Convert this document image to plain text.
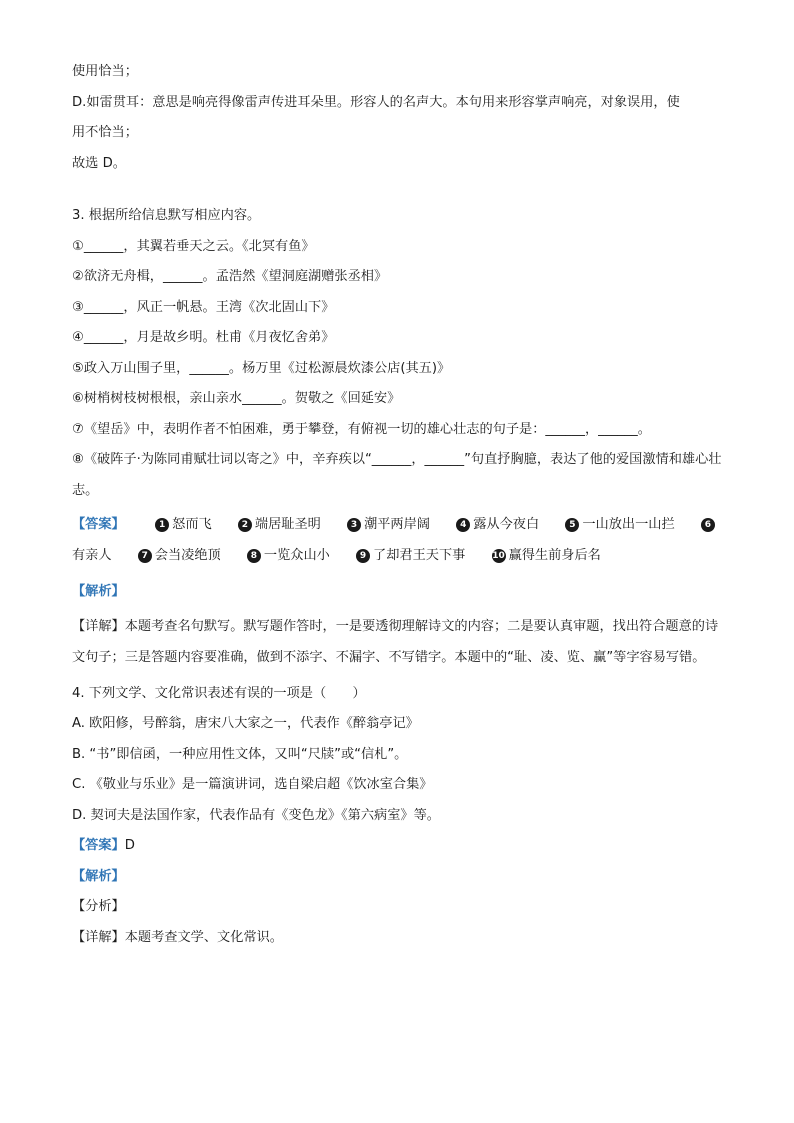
使用恰当；
D.如雷贯耳：意思是响亮得像雷声传进耳朵里。形容人的名声大。本句用来形容掌声响亮，对象误用，使
用不恰当；
故选 D。
3. 根据所给信息默写相应内容。
①______，其翼若垂天之云。《北冥有鱼》
②欲济无舟楫，______。孟浩然《望洞庭湖赠张丞相》
③______，风正一帆悬。王湾《次北固山下》
④______，月是故乡明。杜甫《月夜忆舍弟》
⑤政入万山围子里，______。杨万里《过松源晨炊漆公店(其五)》
⑥树梢树枝树根根，亲山亲水______。贺敬之《回延安》
⑦《望岳》中，表明作者不怕困难，勇于攀登，有俯视一切的雄心壮志的句子是：______，______。
⑧《破阵子·为陈同甫赋壮词以寄之》中，辛弃疾以“______，______”句直抒胸臆，表达了他的爱国激情和雄心壮志。
【答案】	1 怒而飞	2 端居耻圣明	3 潮平两岸阔	4 露从今夜白	5 一山放出一山拦	6有亲人	7 会当凌绝顶	8 一览众山小	9 了却君王天下事	10 赢得生前身后名
【解析】
【详解】本题考查名句默写。默写题作答时，一是要透彻理解诗文的内容；二是要认真审题，找出符合题意的诗文句子；三是答题内容要准确，做到不添字、不漏字、不写错字。本题中的“耻、凌、览、赢”等字容易写错。
4. 下列文学、文化常识表述有误的一项是（　　）
A. 欧阳修，号醉翁，唐宋八大家之一，代表作《醉翁亭记》
B. “书”即信函，一种应用性文体，又叫“尺牍”或“信札”。
C. 《敬业与乐业》是一篇演讲词，选自梁启超《饮冰室合集》
D. 契诃夫是法国作家，代表作品有《变色龙》《第六病室》等。
【答案】D
【解析】
【分析】
【详解】本题考查文学、文化常识。
